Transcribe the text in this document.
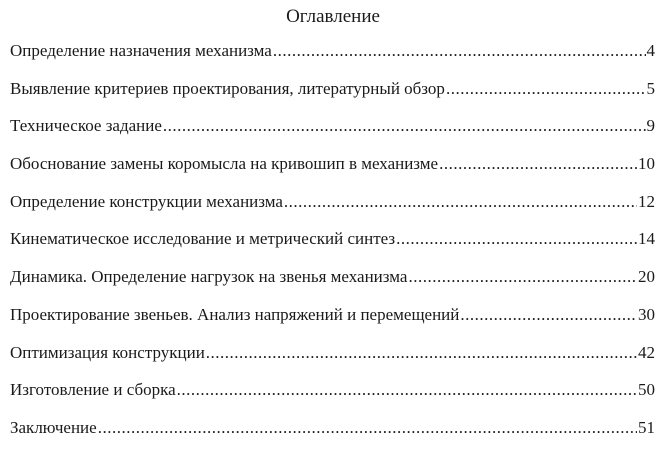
Оглавление
Определение назначения механизма .....	4
Выявление критериев проектирования, литературный обзор .....	5
Техническое задание .....	9
Обоснование замены коромысла на кривошип в механизме .....	10
Определение конструкции механизма .....	12
Кинематическое исследование и метрический синтез .....	14
Динамика. Определение нагрузок на звенья механизма .....	20
Проектирование звеньев. Анализ напряжений и перемещений .....	30
Оптимизация конструкции .....	42
Изготовление и сборка .....	50
Заключение .....	51
